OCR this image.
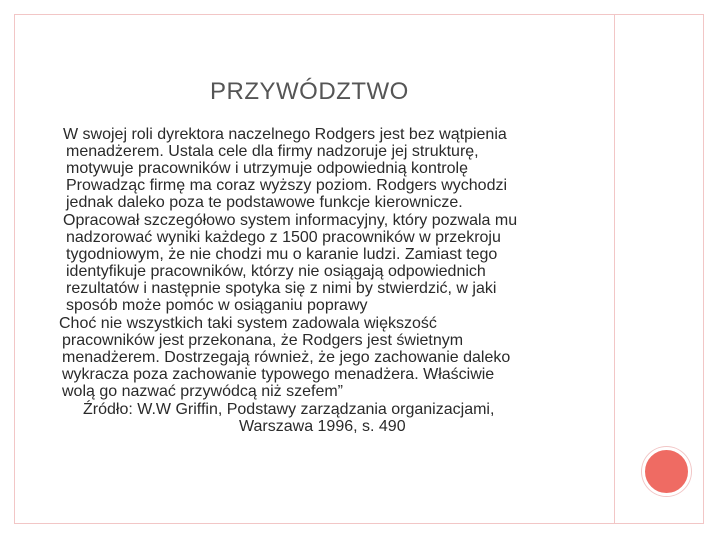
PRZYWÓDZTWO
W swojej roli dyrektora naczelnego Rodgers jest bez wątpienia
menadżerem. Ustala cele dla firmy nadzoruje jej strukturę,
motywuje pracowników i utrzymuje odpowiednią kontrolę
Prowadząc firmę ma coraz wyższy poziom. Rodgers wychodzi
jednak daleko poza te podstawowe funkcje kierownicze.
Opracował szczegółowo system informacyjny, który pozwala mu
nadzorować wyniki każdego z 1500 pracowników w przekroju
tygodniowym, że nie chodzi mu o karanie ludzi. Zamiast tego
identyfikuje pracowników, którzy nie osiągają odpowiednich
rezultatów i następnie spotyka się z nimi by stwierdzić, w jaki
sposób może pomóc w osiąganiu poprawy
Choć nie wszystkich taki system zadowala większość
pracowników jest przekonana, że Rodgers jest świetnym
menadżerem. Dostrzegają również, że jego zachowanie daleko
wykracza poza zachowanie typowego menadżera. Właściwie
wolą go nazwać przywódcą niż szefem”
Źródło: W.W Griffin, Podstawy zarządzania organizacjami,
Warszawa 1996, s. 490
